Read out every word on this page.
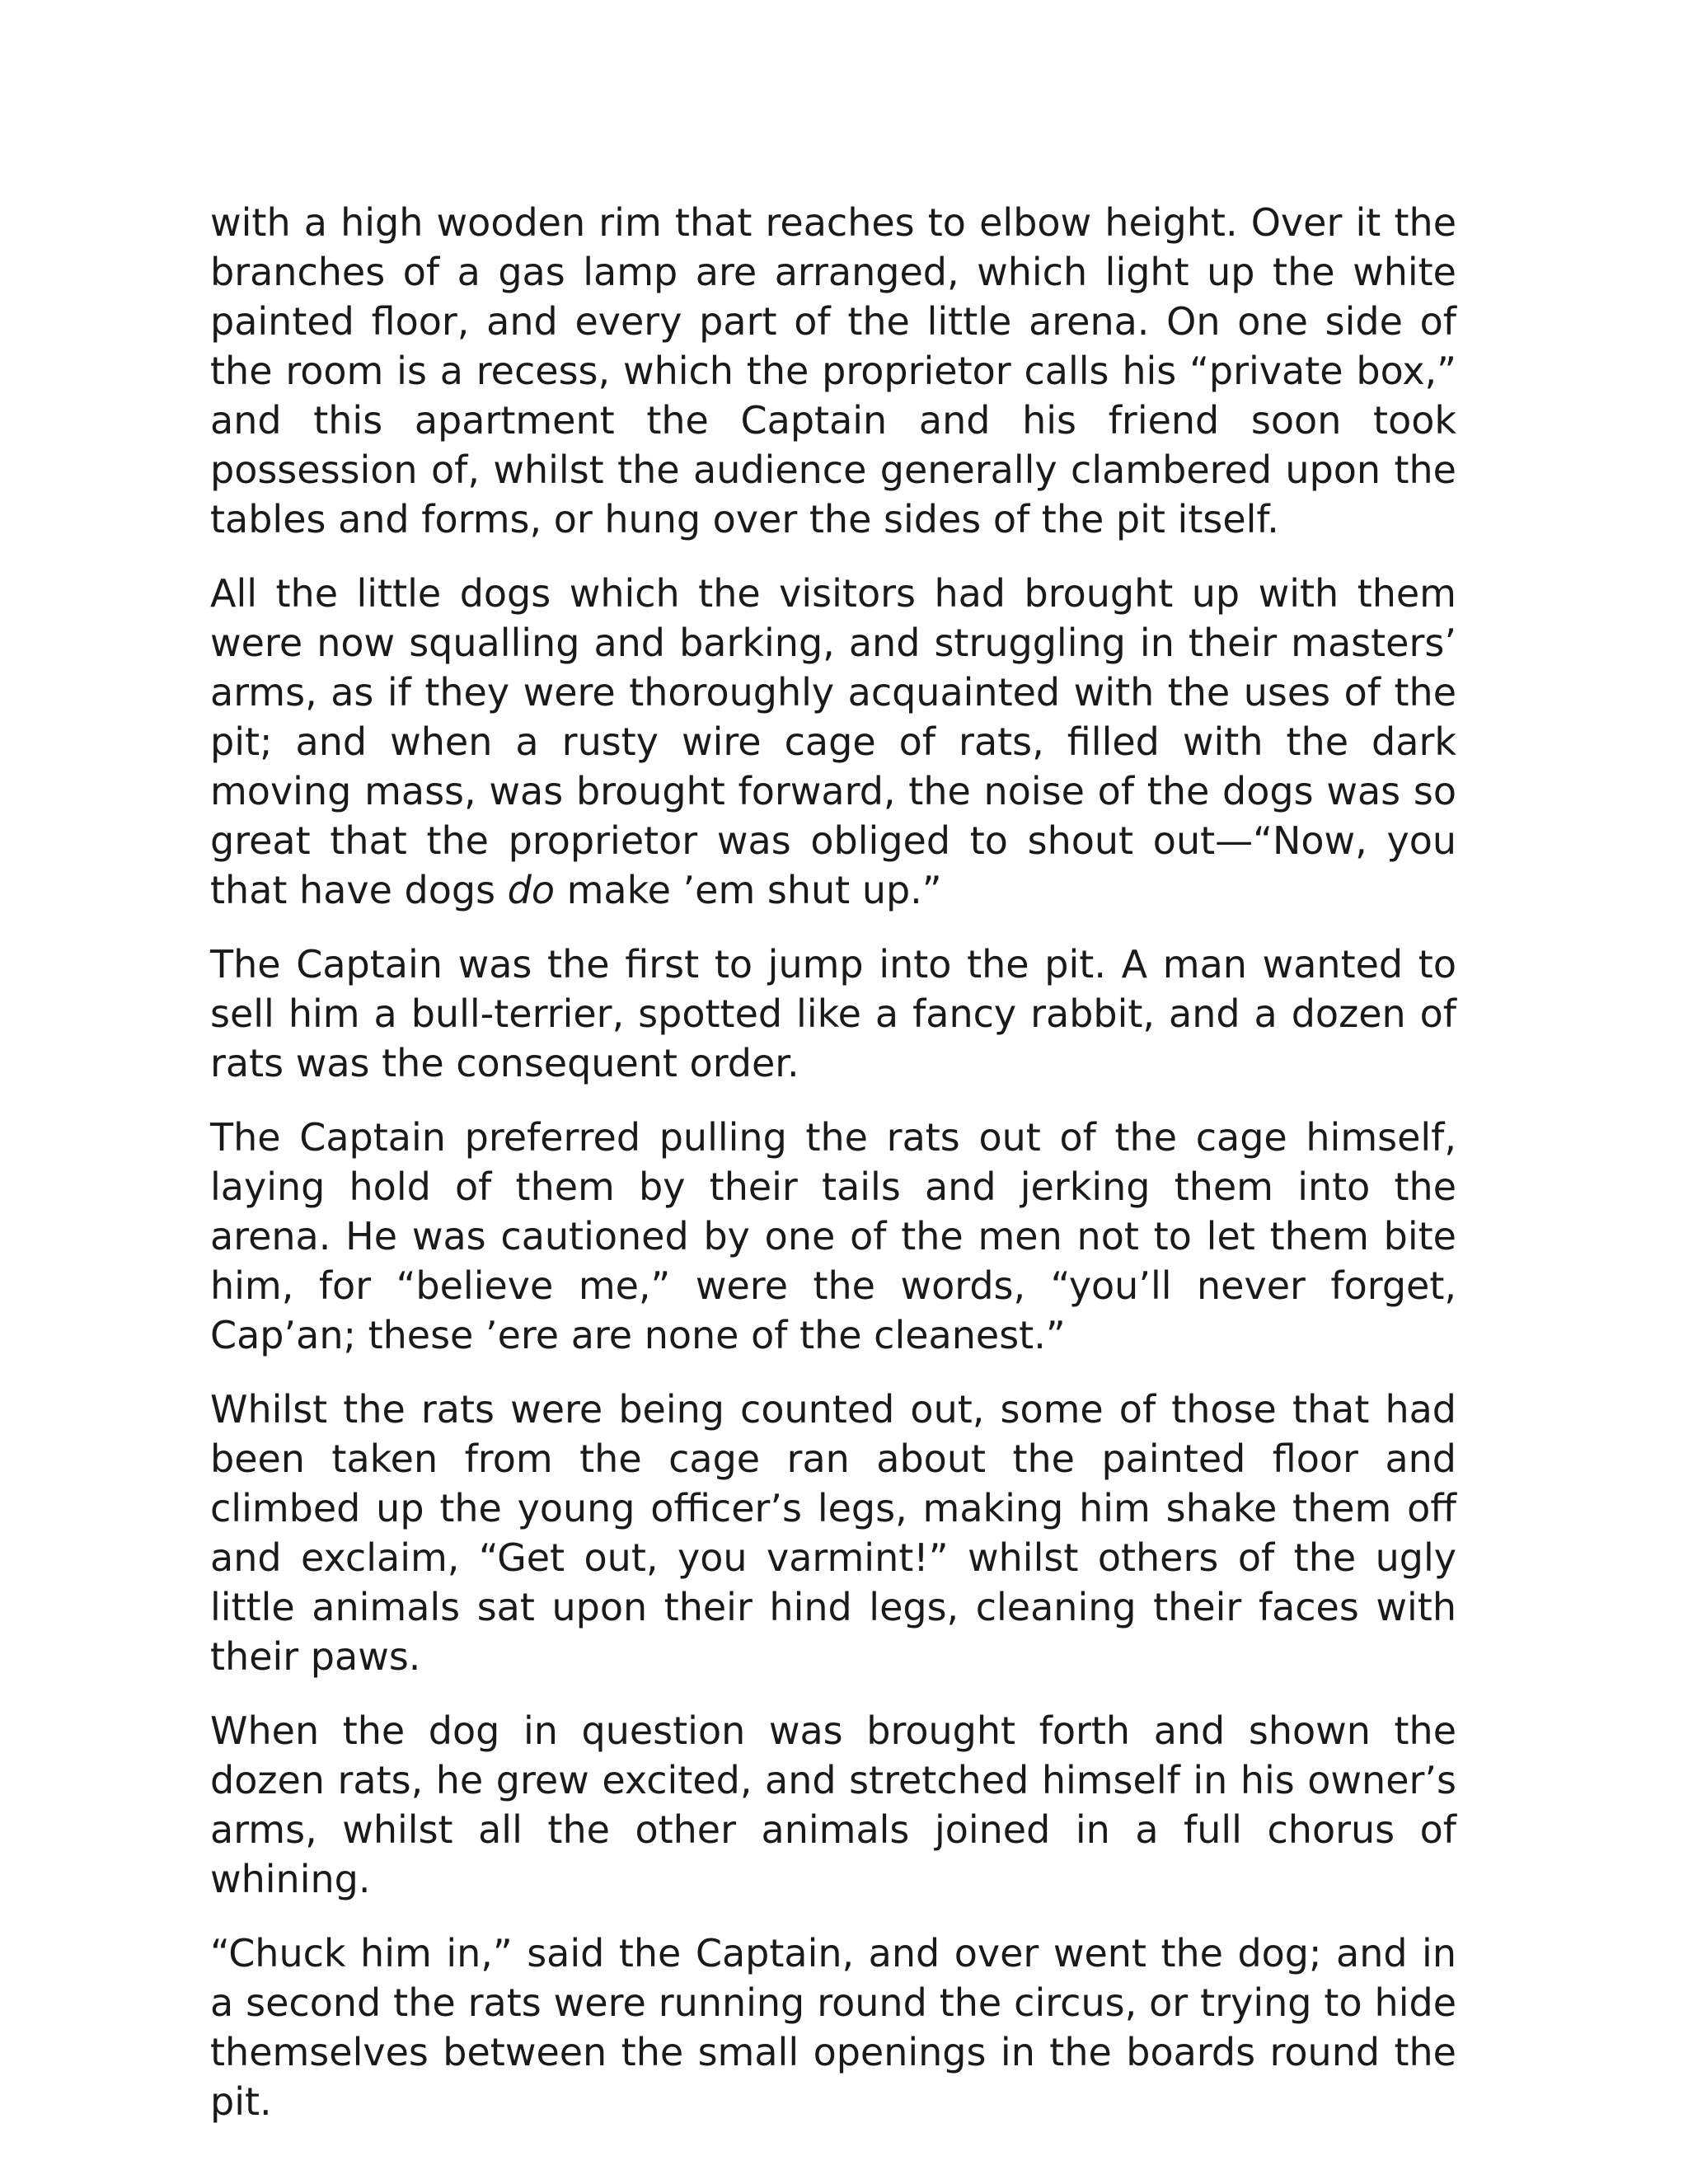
with a high wooden rim that reaches to elbow height. Over it the branches of a gas lamp are arranged, which light up the white painted floor, and every part of the little arena. On one side of the room is a recess, which the proprietor calls his “private box,” and this apartment the Captain and his friend soon took possession of, whilst the audience generally clambered upon the tables and forms, or hung over the sides of the pit itself.

All the little dogs which the visitors had brought up with them were now squalling and barking, and struggling in their masters’ arms, as if they were thoroughly acquainted with the uses of the pit; and when a rusty wire cage of rats, filled with the dark moving mass, was brought forward, the noise of the dogs was so great that the proprietor was obliged to shout out—“Now, you that have dogs do make ’em shut up.”

The Captain was the first to jump into the pit. A man wanted to sell him a bull-terrier, spotted like a fancy rabbit, and a dozen of rats was the consequent order.

The Captain preferred pulling the rats out of the cage himself, laying hold of them by their tails and jerking them into the arena. He was cautioned by one of the men not to let them bite him, for “believe me,” were the words, “you’ll never forget, Cap’an; these ’ere are none of the cleanest.”

Whilst the rats were being counted out, some of those that had been taken from the cage ran about the painted floor and climbed up the young officer’s legs, making him shake them off and exclaim, “Get out, you varmint!” whilst others of the ugly little animals sat upon their hind legs, cleaning their faces with their paws.

When the dog in question was brought forth and shown the dozen rats, he grew excited, and stretched himself in his owner’s arms, whilst all the other animals joined in a full chorus of whining.

“Chuck him in,” said the Captain, and over went the dog; and in a second the rats were running round the circus, or trying to hide themselves between the small openings in the boards round the pit.
